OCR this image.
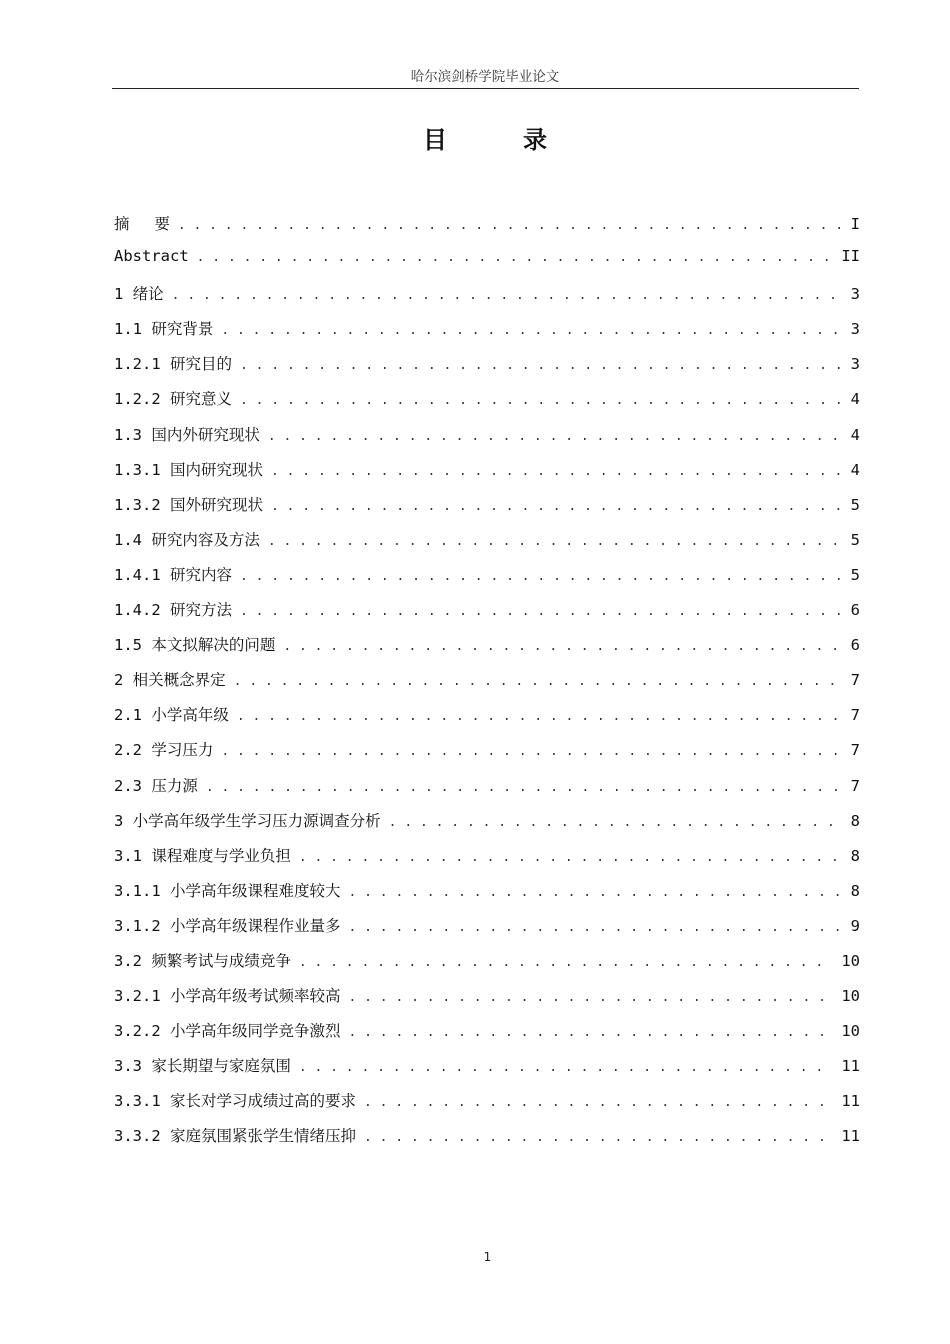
哈尔滨剑桥学院毕业论文
目　录
摘　 要 . . .	I
Abstract . . .	II
1 绪论 . . .	3
1.1 研究背景 . . .	3
1.2.1 研究目的 . . .	3
1.2.2 研究意义 . . .	4
1.3 国内外研究现状 . . .	4
1.3.1 国内研究现状 . . .	4
1.3.2 国外研究现状 . . .	5
1.4 研究内容及方法 . . .	5
1.4.1 研究内容 . . .	5
1.4.2 研究方法 . . .	6
1.5 本文拟解决的问题 . . .	6
2 相关概念界定 . . .	7
2.1 小学高年级 . . .	7
2.2 学习压力 . . .	7
2.3 压力源 . . .	7
3 小学高年级学生学习压力源调查分析 . . .	8
3.1 课程难度与学业负担 . . .	8
3.1.1 小学高年级课程难度较大 . . .	8
3.1.2 小学高年级课程作业量多 . . .	9
3.2 频繁考试与成绩竞争 . . .	10
3.2.1 小学高年级考试频率较高 . . .	10
3.2.2 小学高年级同学竞争激烈 . . .	10
3.3 家长期望与家庭氛围 . . .	11
3.3.1 家长对学习成绩过高的要求 . . .	11
3.3.2 家庭氛围紧张学生情绪压抑 . . .	11
1
